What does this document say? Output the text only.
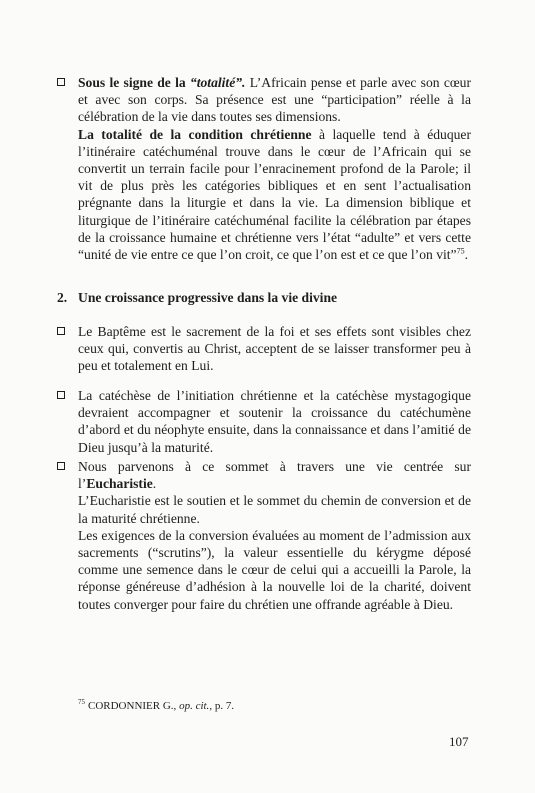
Sous le signe de la “totalité”. L’Africain pense et parle avec son cœur et avec son corps. Sa présence est une “participation” réelle à la célébration de la vie dans toutes ses dimensions.

La totalité de la condition chrétienne à laquelle tend à éduquer l’itinéraire catéchuménal trouve dans le cœur de l’Africain qui se convertit un terrain facile pour l’enracinement profond de la Parole; il vit de plus près les catégories bibliques et en sent l’actualisation prégnante dans la liturgie et dans la vie. La dimension biblique et liturgique de l’itinéraire catéchuménal facilite la célébration par étapes de la croissance humaine et chrétienne vers l’état “adulte” et vers cette “unité de vie entre ce que l’on croit, ce que l’on est et ce que l’on vit”$^{75}$.

2. Une croissance progressive dans la vie divine

Le Baptême est le sacrement de la foi et ses effets sont visibles chez ceux qui, convertis au Christ, acceptent de se laisser transformer peu à peu et totalement en Lui.

La catéchèse de l’initiation chrétienne et la catéchèse mystagogique devraient accompagner et soutenir la croissance du catéchumène d’abord et du néophyte ensuite, dans la connaissance et dans l’amitié de Dieu jusqu’à la maturité.

Nous parvenons à ce sommet à travers une vie centrée sur l’Eucharistie.

L’Eucharistie est le soutien et le sommet du chemin de conversion et de la maturité chrétienne.

Les exigences de la conversion évaluées au moment de l’admission aux sacrements (“scrutins”), la valeur essentielle du kérygme déposé comme une semence dans le cœur de celui qui a accueilli la Parole, la réponse généreuse d’adhésion à la nouvelle loi de la charité, doivent toutes converger pour faire du chrétien une offrande agréable à Dieu.

$^{75}$ CORDONNIER G., op. cit., p. 7.

107
